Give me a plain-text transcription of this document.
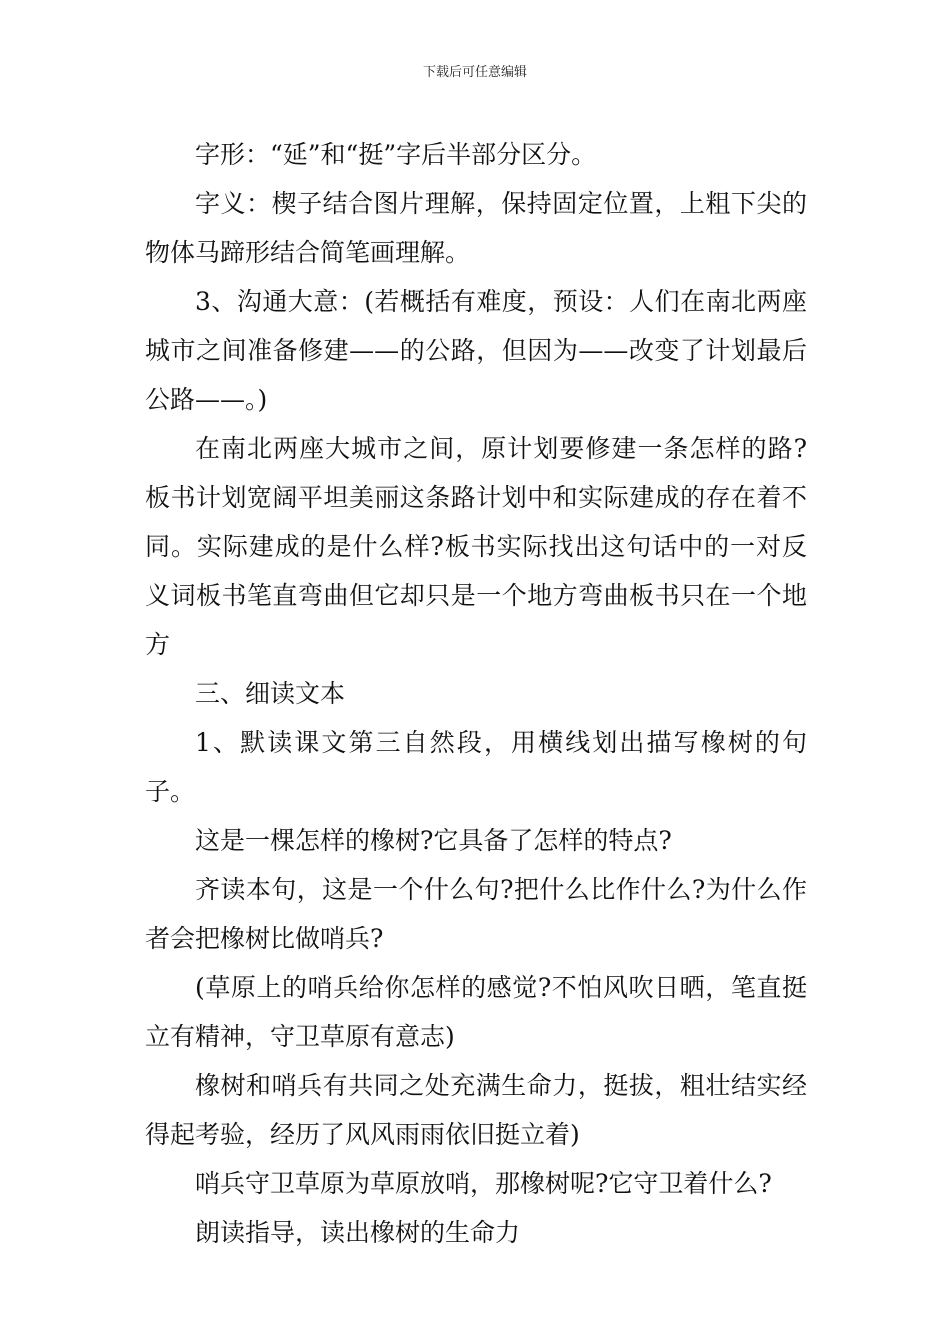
下载后可任意编辑

字形：“延”和“挺”字后半部分区分。

字义：楔子结合图片理解，保持固定位置，上粗下尖的物体马蹄形结合简笔画理解。

3、沟通大意：(若概括有难度，预设：人们在南北两座城市之间准备修建——的公路，但因为——改变了计划最后公路——。)

在南北两座大城市之间，原计划要修建一条怎样的路?板书计划宽阔平坦美丽这条路计划中和实际建成的存在着不同。实际建成的是什么样?板书实际找出这句话中的一对反义词板书笔直弯曲但它却只是一个地方弯曲板书只在一个地方

三、细读文本

1、默读课文第三自然段，用横线划出描写橡树的句子。

这是一棵怎样的橡树?它具备了怎样的特点?

齐读本句，这是一个什么句?把什么比作什么?为什么作者会把橡树比做哨兵?

(草原上的哨兵给你怎样的感觉?不怕风吹日晒，笔直挺立有精神，守卫草原有意志)

橡树和哨兵有共同之处充满生命力，挺拔，粗壮结实经得起考验，经历了风风雨雨依旧挺立着)

哨兵守卫草原为草原放哨，那橡树呢?它守卫着什么?

朗读指导，读出橡树的生命力
